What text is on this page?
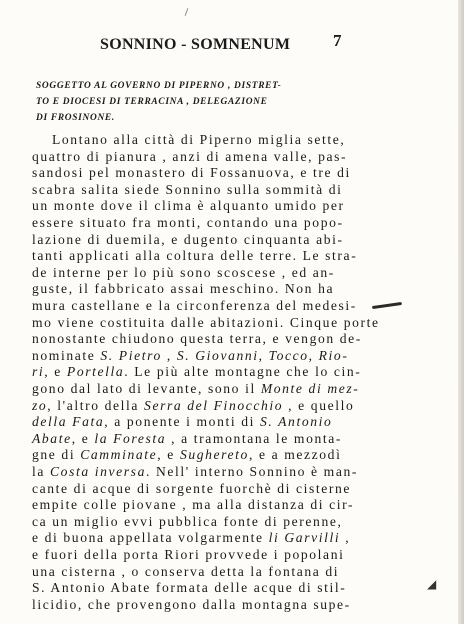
SONNINO - SOMNENUM	7
SOGGETTO AL GOVERNO DI PIPERNO , DISTRET-
TO E DIOCESI DI TERRACINA , DELEGAZIONE
DI FROSINONE.
Lontano alla città di Piperno miglia sette,
quattro di pianura , anzi di amena valle, pas-
sandosi pel monastero di Fossanuova, e tre di
scabra salita siede Sonnino sulla sommità di
un monte dove il clima è alquanto umido per
essere situato fra monti, contando una popo-
lazione di duemila, e dugento cinquanta abi-
tanti applicati alla coltura delle terre. Le stra-
de interne per lo più sono scoscese , ed an-
guste, il fabbricato assai meschino. Non ha
mura castellane e la circonferenza del medesi-
mo viene costituita dalle abitazioni. Cinque porte
nonostante chiudono questa terra, e vengon de-
nominate S. Pietro , S. Giovanni, Tocco, Rio-
ri, e Portella. Le più alte montagne che lo cin-
gono dal lato di levante, sono il Monte di mez-
zo, l'altro della Serra del Finocchio , e quello
della Fata, a ponente i monti di S. Antonio
Abate, e la Foresta , a tramontana le monta-
gne di Camminate, e Sughereto, e a mezzodì
la Costa inversa. Nell' interno Sonnino è man-
cante di acque di sorgente fuorchè di cisterne
empite colle piovane , ma alla distanza di cir-
ca un miglio evvi pubblica fonte di perenne,
e di buona appellata volgarmente li Garvilli ,
e fuori della porta Riori provvede i popolani
una cisterna , o conserva detta la fontana di
S. Antonio Abate formata delle acque di stil-
licidio, che provengono dalla montagna supe-
◢
